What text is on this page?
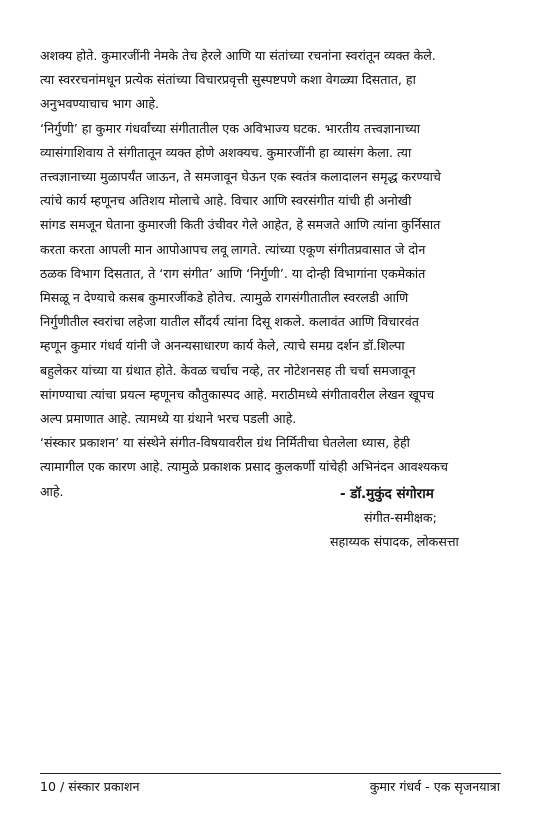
अशक्य होते. कुमारजींनी नेमके तेच हेरले आणि या संतांच्या रचनांना स्वरांतून व्यक्त केले.
त्या स्वररचनांमधून प्रत्येक संतांच्या विचारप्रवृत्ती सुस्पष्टपणे कशा वेगळ्या दिसतात, हा
अनुभवण्याचाच भाग आहे.

‘निर्गुणी’ हा कुमार गंधर्वांच्या संगीतातील एक अविभाज्य घटक. भारतीय तत्त्वज्ञानाच्या
व्यासंगाशिवाय ते संगीतातून व्यक्त होणे अशक्यच. कुमारजींनी हा व्यासंग केला. त्या
तत्त्वज्ञानाच्या मुळापर्यंत जाऊन, ते समजावून घेऊन एक स्वतंत्र कलादालन समृद्ध करण्याचे
त्यांचे कार्य म्हणूनच अतिशय मोलाचे आहे. विचार आणि स्वरसंगीत यांची ही अनोखी
सांगड समजून घेताना कुमारजी किती उंचीवर गेले आहेत, हे समजते आणि त्यांना कुर्निसात
करता करता आपली मान आपोआपच लवू लागते. त्यांच्या एकूण संगीतप्रवासात जे दोन
ठळक विभाग दिसतात, ते ‘राग संगीत’ आणि ‘निर्गुणी’. या दोन्ही विभागांना एकमेकांत
मिसळू न देण्याचे कसब कुमारजींकडे होतेच. त्यामुळे रागसंगीतातील स्वरलडी आणि
निर्गुणीतील स्वरांचा लहेजा यातील सौंदर्य त्यांना दिसू शकले. कलावंत आणि विचारवंत
म्हणून कुमार गंधर्व यांनी जे अनन्यसाधारण कार्य केले, त्याचे समग्र दर्शन डॉ.शिल्पा
बहुलेकर यांच्या या ग्रंथात होते. केवळ चर्चाच नव्हे, तर नोटेशनसह ती चर्चा समजावून
सांगण्याचा त्यांचा प्रयत्न म्हणूनच कौतुकास्पद आहे. मराठीमध्ये संगीतावरील लेखन खूपच
अल्प प्रमाणात आहे. त्यामध्ये या ग्रंथाने भरच पडली आहे.

‘संस्कार प्रकाशन’ या संस्थेने संगीत-विषयावरील ग्रंथ निर्मितीचा घेतलेला ध्यास, हेही
त्यामागील एक कारण आहे. त्यामुळे प्रकाशक प्रसाद कुलकर्णी यांचेही अभिनंदन आवश्यकच
आहे.	- डॉ.मुकुंद संगोराम
संगीत-समीक्षक;
सहाय्यक संपादक, लोकसत्ता
10 / संस्कार प्रकाशन	कुमार गंधर्व - एक सृजनयात्रा
